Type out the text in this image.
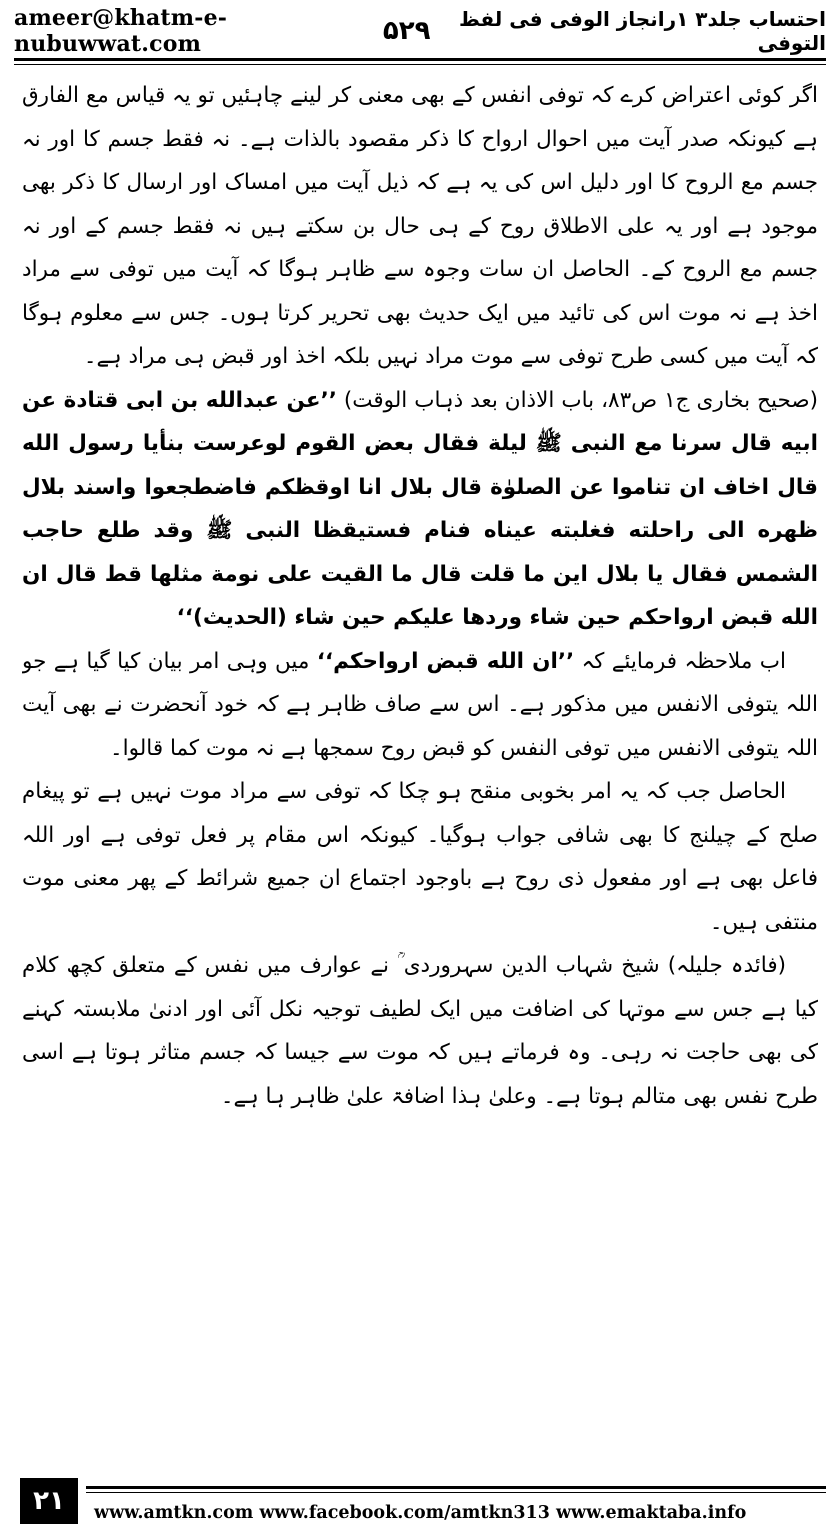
ameer@khatm-e-nubuwwat.com	۵۲۹	احتساب جلد۳ ۱رانجاز الوفی فی لفظ التوفی

اگر کوئی اعتراض کرے کہ توفی انفس کے بھی معنی کر لینے چاہئیں تو یہ قیاس مع الفارق ہے کیونکہ صدر آیت میں احوال ارواح کا ذکر مقصود بالذات ہے۔ نہ فقط جسم کا اور نہ جسم مع الروح کا اور دلیل اس کی یہ ہے کہ ذیل آیت میں امساک اور ارسال کا ذکر بھی موجود ہے اور یہ علی الاطلاق روح کے ہی حال بن سکتے ہیں نہ فقط جسم کے اور نہ جسم مع الروح کے۔ الحاصل ان سات وجوہ سے ظاہر ہوگا کہ آیت میں توفی سے مراد اخذ ہے نہ موت اس کی تائید میں ایک حدیث بھی تحریر کرتا ہوں۔ جس سے معلوم ہوگا کہ آیت میں کسی طرح توفی سے موت مراد نہیں بلکہ اخذ اور قبض ہی مراد ہے۔

(صحیح بخاری ج۱ ص۸۳، باب الاذان بعد ذہاب الوقت) ’’عن عبدالله بن ابی قتادة عن ابیه قال سرنا مع النبی ﷺ لیلة فقال بعض القوم لوعرست بنأیا رسول الله قال اخاف ان تناموا عن الصلوٰة قال بلال انا اوقظکم فاضطجعوا واسند بلال ظهره الی راحلته فغلبته عیناه فنام فستیقظا النبی ﷺ وقد طلع حاجب الشمس فقال یا بلال این ما قلت قال ما القیت علی نومة مثلها قط قال ان الله قبض ارواحکم حین شاء وردها علیکم حین شاء (الحدیث)‘‘

اب ملاحظہ فرمایئے کہ ’’ان الله قبض ارواحکم‘‘ میں وہی امر بیان کیا گیا ہے جو اللہ یتوفی الانفس میں مذکور ہے۔ اس سے صاف ظاہر ہے کہ خود آنحضرت نے بھی آیت اللہ یتوفی الانفس میں توفی النفس کو قبض روح سمجھا ہے نہ موت کما قالوا۔

الحاصل جب کہ یہ امر بخوبی منقح ہو چکا کہ توفی سے مراد موت نہیں ہے تو پیغام صلح کے چیلنج کا بھی شافی جواب ہوگیا۔ کیونکہ اس مقام پر فعل توفی ہے اور اللہ فاعل بھی ہے اور مفعول ذی روح ہے باوجود اجتماع ان جمیع شرائط کے پھر معنی موت منتفی ہیں۔

(فائدہ جلیلہ) شیخ شہاب الدین سہروردی ؒ نے عوارف میں نفس کے متعلق کچھ کلام کیا ہے جس سے موتہا کی اضافت میں ایک لطیف توجیہ نکل آئی اور ادنیٰ ملابستہ کہنے کی بھی حاجت نہ رہی۔ وہ فرماتے ہیں کہ موت سے جیسا کہ جسم متاثر ہوتا ہے اسی طرح نفس بھی متالم ہوتا ہے۔ وعلیٰ ہذا اضافۃ علیٰ ظاہر ہا ہے۔

۲۱	www.amtkn.com www.facebook.com/amtkn313 www.emaktaba.info
